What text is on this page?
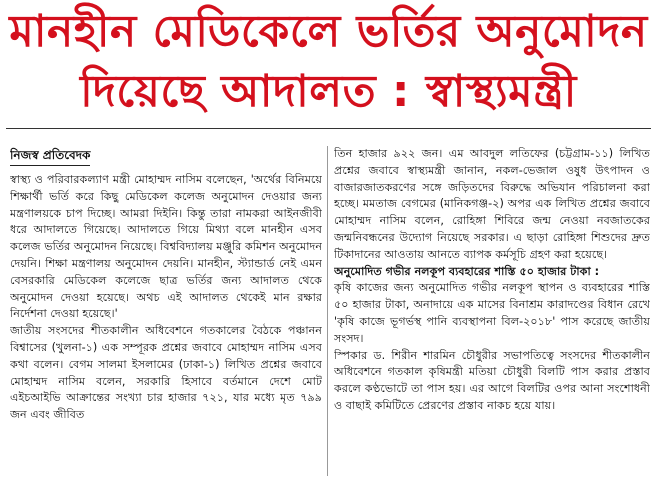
মানহীন মেডিকেলে ভর্তির অনুমোদন
দিয়েছে আদালত : স্বাস্থ্যমন্ত্রী
নিজস্ব প্রতিবেদক

স্বাস্থ্য ও পরিবারকল্যাণ মন্ত্রী মোহাম্মদ নাসিম বলেছেন, 'অর্থের বিনিময়ে শিক্ষার্থী ভর্তি করে কিছু মেডিকেল কলেজ অনুমোদন দেওয়ার জন্য মন্ত্রণালয়কে চাপ দিচ্ছে। আমরা দিইনি। কিন্তু তারা নামকরা আইনজীবী ধরে আদালতে গিয়েছে। আদালতে গিয়ে মিথ্যা বলে মানহীন এসব কলেজ ভর্তির অনুমোদন নিয়েছে। বিশ্ববিদ্যালয় মঞ্জুরি কমিশন অনুমোদন দেয়নি। শিক্ষা মন্ত্রণালয় অনুমোদন দেয়নি। মানহীন, স্ট্যান্ডার্ড নেই এমন বেসরকারি মেডিকেল কলেজে ছাত্র ভর্তির জন্য আদালত থেকে অনুমোদন দেওয়া হয়েছে। অথচ এই আদালত থেকেই মান রক্ষার নির্দেশনা দেওয়া হয়েছে।'

জাতীয় সংসদের শীতকালীন অধিবেশনে গতকালের বৈঠকে পঞ্চানন বিশ্বাসের (খুলনা-১) এক সম্পূরক প্রশ্নের জবাবে মোহাম্মদ নাসিম এসব কথা বলেন। বেগম সালমা ইসলামের (ঢাকা-১) লিখিত প্রশ্নের জবাবে মোহাম্মদ নাসিম বলেন, সরকারি হিসাবে বর্তমানে দেশে মোট এইচআইভি আক্রান্তের সংখ্যা চার হাজার ৭২১, যার মধ্যে মৃত ৭৯৯ জন এবং জীবিত

তিন হাজার ৯২২ জন। এম আবদুল লতিফের (চট্টগ্রাম-১১) লিখিত প্রশ্নের জবাবে স্বাস্থ্যমন্ত্রী জানান, নকল-ভেজাল ওষুধ উৎপাদন ও বাজারজাতকরণের সঙ্গে জড়িতদের বিরুদ্ধে অভিযান পরিচালনা করা হচ্ছে। মমতাজ বেগমের (মানিকগঞ্জ-২) অপর এক লিখিত প্রশ্নের জবাবে মোহাম্মদ নাসিম বলেন, রোহিঙ্গা শিবিরে জন্ম নেওয়া নবজাতকের জন্মনিবন্ধনের উদ্যোগ নিয়েছে সরকার। এ ছাড়া রোহিঙ্গা শিশুদের দ্রুত টিকাদানের আওতায় আনতে ব্যাপক কর্মসূচি গ্রহণ করা হয়েছে।

অনুমোদিত গভীর নলকূপ ব্যবহারের শাস্তি ৫০ হাজার টাকা :

কৃষি কাজের জন্য অনুমোদিত গভীর নলকূপ স্থাপন ও ব্যবহারের শাস্তি ৫০ হাজার টাকা, অনাদায়ে এক মাসের বিনাশ্রম কারাদণ্ডের বিধান রেখে 'কৃষি কাজে ভূগর্ভস্থ পানি ব্যবস্থাপনা বিল-২০১৮' পাস করেছে জাতীয় সংসদ।

স্পিকার ড. শিরীন শারমিন চৌধুরীর সভাপতিত্বে সংসদের শীতকালীন অধিবেশনে গতকাল কৃষিমন্ত্রী মতিয়া চৌধুরী বিলটি পাস করার প্রস্তাব করলে কণ্ঠভোটে তা পাস হয়। এর আগে বিলটির ওপর আনা সংশোধনী ও বাছাই কমিটিতে প্রেরণের প্রস্তাব নাকচ হয়ে যায়।
